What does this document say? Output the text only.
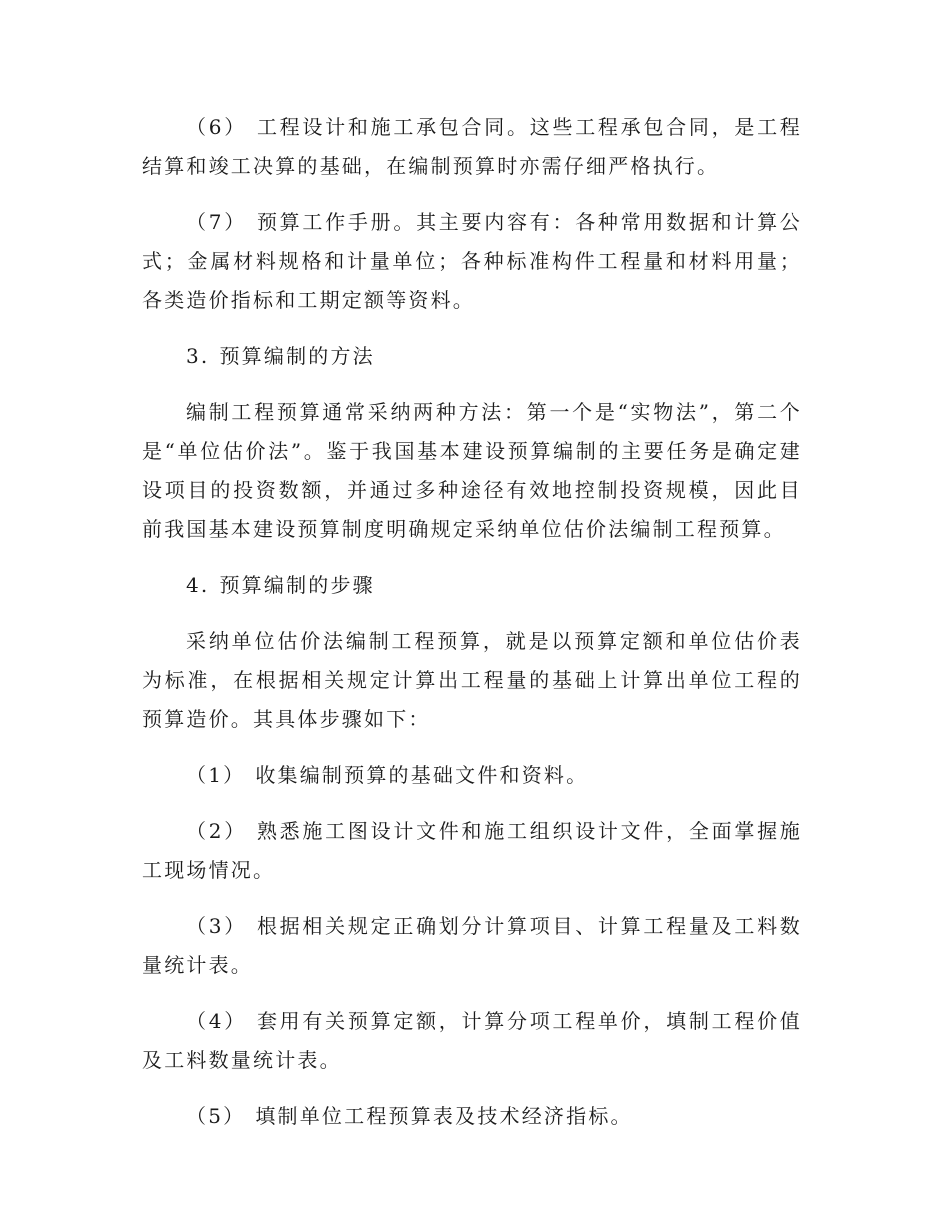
（6） 工程设计和施工承包合同。这些工程承包合同，是工程结算和竣工决算的基础，在编制预算时亦需仔细严格执行。

（7） 预算工作手册。其主要内容有：各种常用数据和计算公式；金属材料规格和计量单位；各种标准构件工程量和材料用量；各类造价指标和工期定额等资料。

3. 预算编制的方法

编制工程预算通常采纳两种方法：第一个是“实物法”，第二个是“单位估价法”。鉴于我国基本建设预算编制的主要任务是确定建设项目的投资数额，并通过多种途径有效地控制投资规模，因此目前我国基本建设预算制度明确规定采纳单位估价法编制工程预算。

4. 预算编制的步骤

采纳单位估价法编制工程预算，就是以预算定额和单位估价表为标准，在根据相关规定计算出工程量的基础上计算出单位工程的预算造价。其具体步骤如下：

（1） 收集编制预算的基础文件和资料。

（2） 熟悉施工图设计文件和施工组织设计文件，全面掌握施工现场情况。

（3） 根据相关规定正确划分计算项目、计算工程量及工料数量统计表。

（4） 套用有关预算定额，计算分项工程单价，填制工程价值及工料数量统计表。

（5） 填制单位工程预算表及技术经济指标。
